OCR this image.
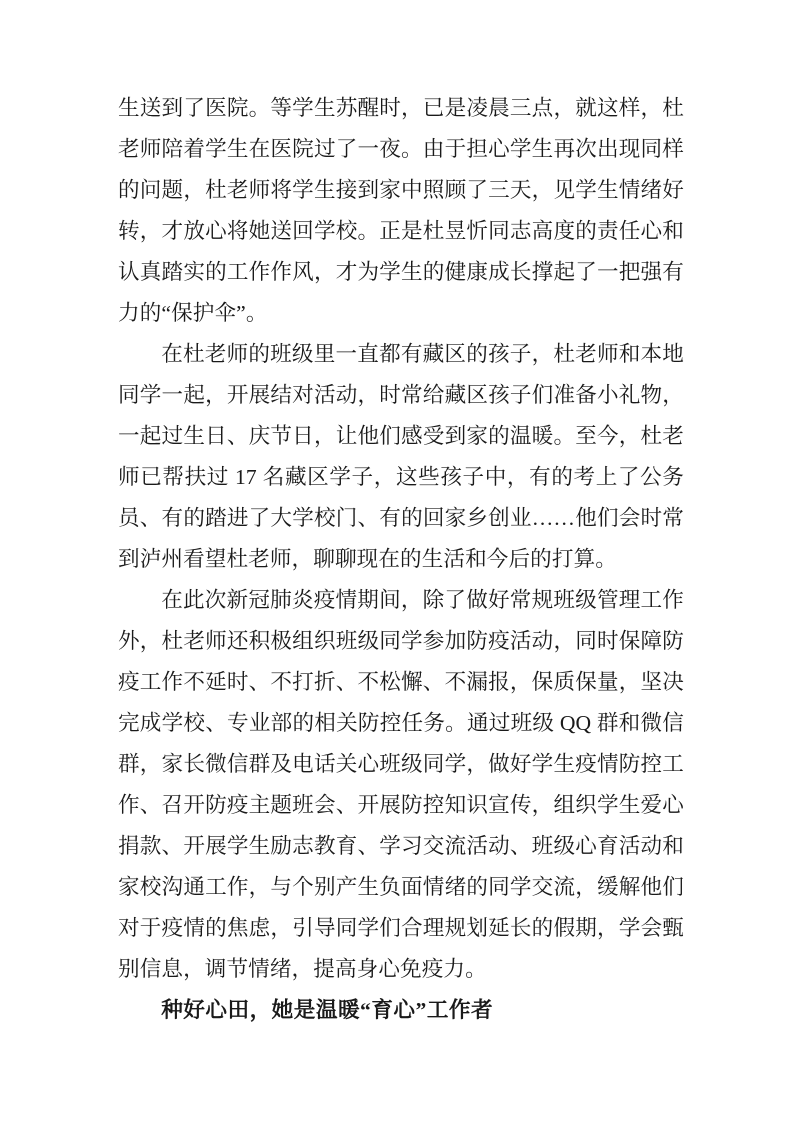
生送到了医院。等学生苏醒时，已是凌晨三点，就这样，杜老师陪着学生在医院过了一夜。由于担心学生再次出现同样的问题，杜老师将学生接到家中照顾了三天，见学生情绪好转，才放心将她送回学校。正是杜昱忻同志高度的责任心和认真踏实的工作作风，才为学生的健康成长撑起了一把强有力的“保护伞”。

在杜老师的班级里一直都有藏区的孩子，杜老师和本地同学一起，开展结对活动，时常给藏区孩子们准备小礼物，一起过生日、庆节日，让他们感受到家的温暖。至今，杜老师已帮扶过 17 名藏区学子，这些孩子中，有的考上了公务员、有的踏进了大学校门、有的回家乡创业……他们会时常到泸州看望杜老师，聊聊现在的生活和今后的打算。

在此次新冠肺炎疫情期间，除了做好常规班级管理工作外，杜老师还积极组织班级同学参加防疫活动，同时保障防疫工作不延时、不打折、不松懈、不漏报，保质保量，坚决完成学校、专业部的相关防控任务。通过班级 QQ 群和微信群，家长微信群及电话关心班级同学，做好学生疫情防控工作、召开防疫主题班会、开展防控知识宣传，组织学生爱心捐款、开展学生励志教育、学习交流活动、班级心育活动和家校沟通工作，与个别产生负面情绪的同学交流，缓解他们对于疫情的焦虑，引导同学们合理规划延长的假期，学会甄别信息，调节情绪，提高身心免疫力。

种好心田，她是温暖“育心”工作者
